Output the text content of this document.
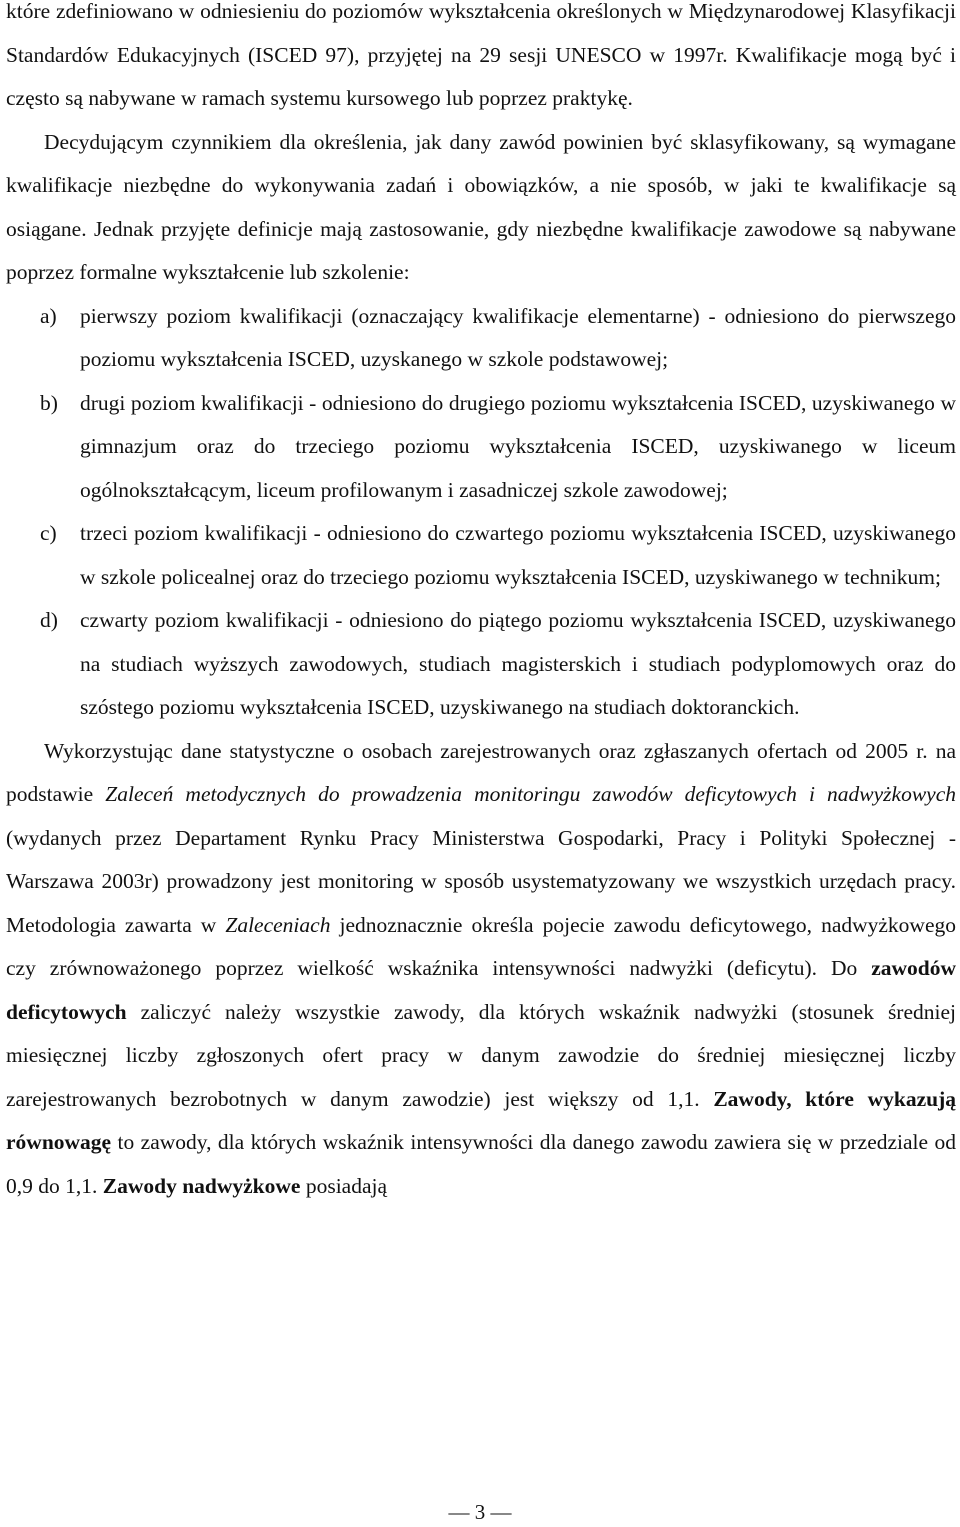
które zdefiniowano w odniesieniu do poziomów wykształcenia określonych w Międzynarodowej Klasyfikacji Standardów Edukacyjnych (ISCED 97), przyjętej na 29 sesji UNESCO w 1997r. Kwalifikacje mogą być i często są nabywane w ramach systemu kursowego lub poprzez praktykę.

Decydującym czynnikiem dla określenia, jak dany zawód powinien być sklasyfikowany, są wymagane kwalifikacje niezbędne do wykonywania zadań i obowiązków, a nie sposób, w jaki te kwalifikacje są osiągane. Jednak przyjęte definicje mają zastosowanie, gdy niezbędne kwalifikacje zawodowe są nabywane poprzez formalne wykształcenie lub szkolenie:

a)	pierwszy poziom kwalifikacji (oznaczający kwalifikacje elementarne) - odniesiono do pierwszego poziomu wykształcenia ISCED, uzyskanego w szkole podstawowej;
b)	drugi poziom kwalifikacji - odniesiono do drugiego poziomu wykształcenia ISCED, uzyskiwanego w gimnazjum oraz do trzeciego poziomu wykształcenia ISCED, uzyskiwanego w liceum ogólnokształcącym, liceum profilowanym i zasadniczej szkole zawodowej;
c)	trzeci poziom kwalifikacji - odniesiono do czwartego poziomu wykształcenia ISCED, uzyskiwanego w szkole policealnej oraz do trzeciego poziomu wykształcenia ISCED, uzyskiwanego w technikum;
d)	czwarty poziom kwalifikacji - odniesiono do piątego poziomu wykształcenia ISCED, uzyskiwanego na studiach wyższych zawodowych, studiach magisterskich i studiach podyplomowych oraz do szóstego poziomu wykształcenia ISCED, uzyskiwanego na studiach doktoranckich.

Wykorzystując dane statystyczne o osobach zarejestrowanych oraz zgłaszanych ofertach od 2005 r. na podstawie Zaleceń metodycznych do prowadzenia monitoringu zawodów deficytowych i nadwyżkowych (wydanych przez Departament Rynku Pracy Ministerstwa Gospodarki, Pracy i Polityki Społecznej - Warszawa 2003r) prowadzony jest monitoring w sposób usystematyzowany we wszystkich urzędach pracy. Metodologia zawarta w Zaleceniach jednoznacznie określa pojecie zawodu deficytowego, nadwyżkowego czy zrównoważonego poprzez wielkość wskaźnika intensywności nadwyżki (deficytu). Do zawodów deficytowych zaliczyć należy wszystkie zawody, dla których wskaźnik nadwyżki (stosunek średniej miesięcznej liczby zgłoszonych ofert pracy w danym zawodzie do średniej miesięcznej liczby zarejestrowanych bezrobotnych w danym zawodzie) jest większy od 1,1. Zawody, które wykazują równowagę to zawody, dla których wskaźnik intensywności dla danego zawodu zawiera się w przedziale od 0,9 do 1,1. Zawody nadwyżkowe posiadają

— 3 —
